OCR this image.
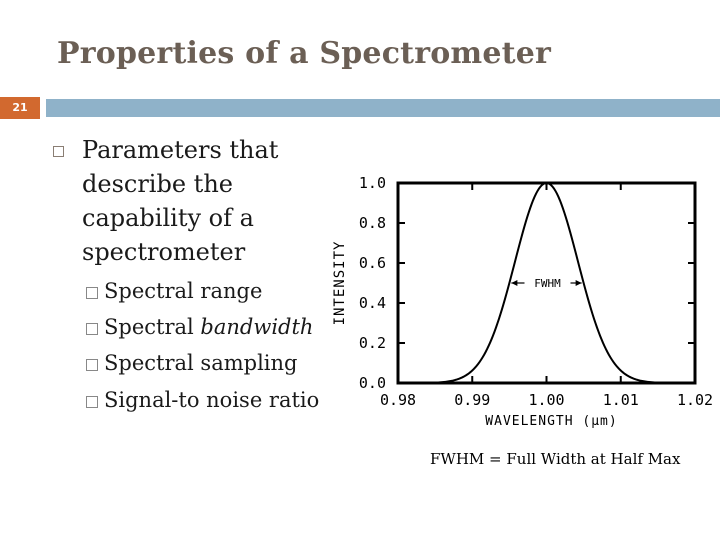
Properties of a Spectrometer
21
Parameters that
describe the
capability of a
spectrometer
Spectral range
Spectral bandwidth
Spectral sampling
Signal-to noise ratio
0.0
0.2
0.4
0.6
0.8
1.0
0.98	0.99	1.00	1.01	1.02
INTENSITY
WAVELENGTH (μm)
FWHM
FWHM = Full Width at Half Max
